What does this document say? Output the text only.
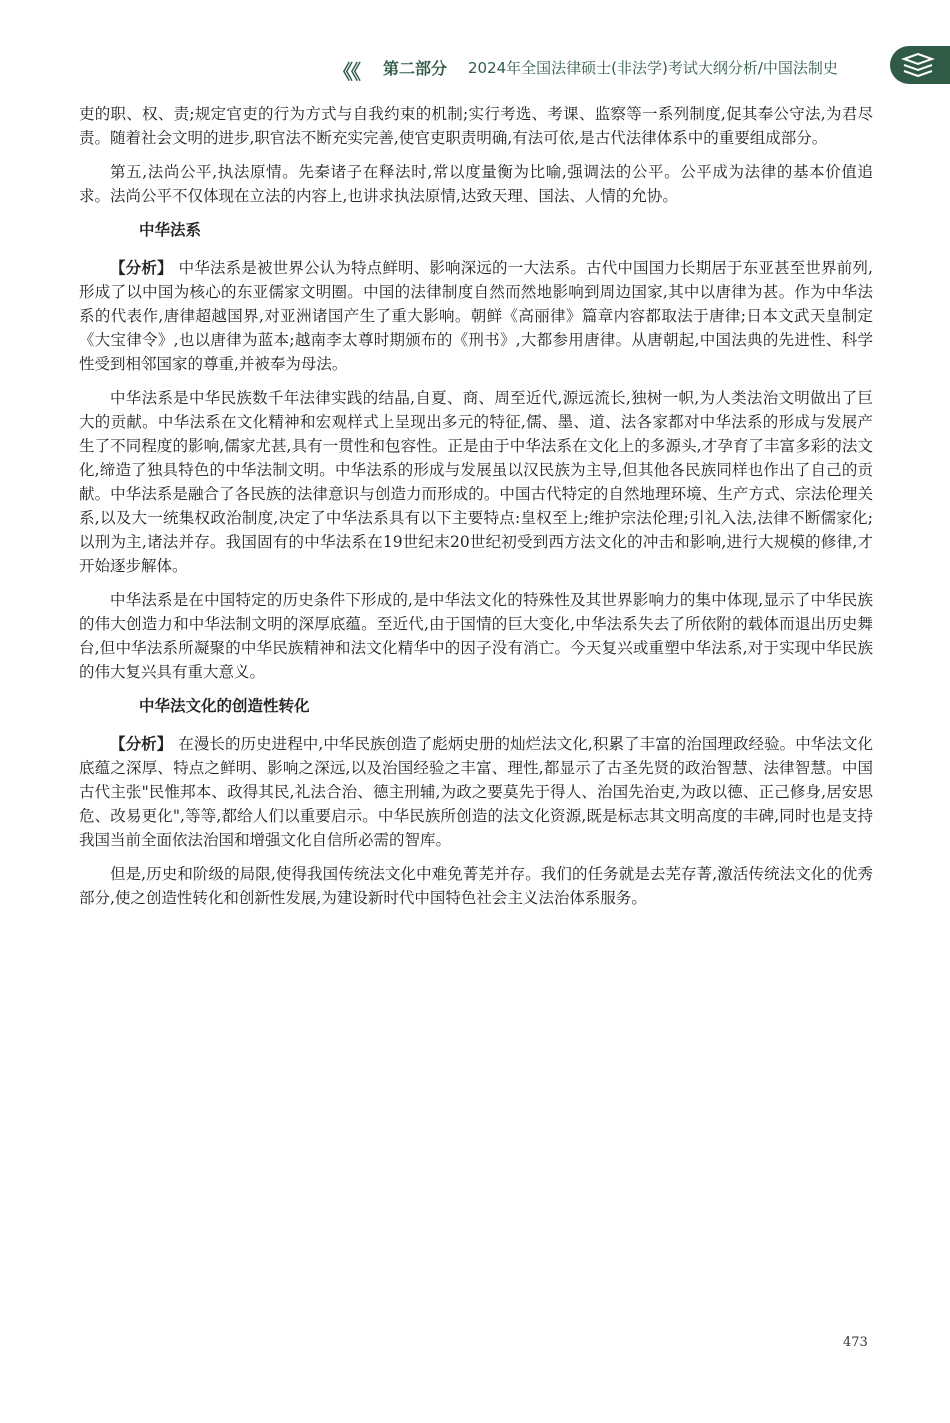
《《 第二部分 2024年全国法律硕士(非法学)考试大纲分析/中国法制史

吏的职、权、责;规定官吏的行为方式与自我约束的机制;实行考选、考课、监察等一系列制度,促其奉公守法,为君尽责。随着社会文明的进步,职官法不断充实完善,使官吏职责明确,有法可依,是古代法律体系中的重要组成部分。

第五,法尚公平,执法原情。先秦诸子在释法时,常以度量衡为比喻,强调法的公平。公平成为法律的基本价值追求。法尚公平不仅体现在立法的内容上,也讲求执法原情,达致天理、国法、人情的允协。

中华法系

【分析】 中华法系是被世界公认为特点鲜明、影响深远的一大法系。古代中国国力长期居于东亚甚至世界前列,形成了以中国为核心的东亚儒家文明圈。中国的法律制度自然而然地影响到周边国家,其中以唐律为甚。作为中华法系的代表作,唐律超越国界,对亚洲诸国产生了重大影响。朝鲜《高丽律》篇章内容都取法于唐律;日本文武天皇制定《大宝律令》,也以唐律为蓝本;越南李太尊时期颁布的《刑书》,大都参用唐律。从唐朝起,中国法典的先进性、科学性受到相邻国家的尊重,并被奉为母法。

中华法系是中华民族数千年法律实践的结晶,自夏、商、周至近代,源远流长,独树一帜,为人类法治文明做出了巨大的贡献。中华法系在文化精神和宏观样式上呈现出多元的特征,儒、墨、道、法各家都对中华法系的形成与发展产生了不同程度的影响,儒家尤甚,具有一贯性和包容性。正是由于中华法系在文化上的多源头,才孕育了丰富多彩的法文化,缔造了独具特色的中华法制文明。中华法系的形成与发展虽以汉民族为主导,但其他各民族同样也作出了自己的贡献。中华法系是融合了各民族的法律意识与创造力而形成的。中国古代特定的自然地理环境、生产方式、宗法伦理关系,以及大一统集权政治制度,决定了中华法系具有以下主要特点:皇权至上;维护宗法伦理;引礼入法,法律不断儒家化;以刑为主,诸法并存。我国固有的中华法系在19世纪末20世纪初受到西方法文化的冲击和影响,进行大规模的修律,才开始逐步解体。

中华法系是在中国特定的历史条件下形成的,是中华法文化的特殊性及其世界影响力的集中体现,显示了中华民族的伟大创造力和中华法制文明的深厚底蕴。至近代,由于国情的巨大变化,中华法系失去了所依附的载体而退出历史舞台,但中华法系所凝聚的中华民族精神和法文化精华中的因子没有消亡。今天复兴或重塑中华法系,对于实现中华民族的伟大复兴具有重大意义。

中华法文化的创造性转化

【分析】 在漫长的历史进程中,中华民族创造了彪炳史册的灿烂法文化,积累了丰富的治国理政经验。中华法文化底蕴之深厚、特点之鲜明、影响之深远,以及治国经验之丰富、理性,都显示了古圣先贤的政治智慧、法律智慧。中国古代主张"民惟邦本、政得其民,礼法合治、德主刑辅,为政之要莫先于得人、治国先治吏,为政以德、正己修身,居安思危、改易更化",等等,都给人们以重要启示。中华民族所创造的法文化资源,既是标志其文明高度的丰碑,同时也是支持我国当前全面依法治国和增强文化自信所必需的智库。

但是,历史和阶级的局限,使得我国传统法文化中难免菁芜并存。我们的任务就是去芜存菁,激活传统法文化的优秀部分,使之创造性转化和创新性发展,为建设新时代中国特色社会主义法治体系服务。

473
